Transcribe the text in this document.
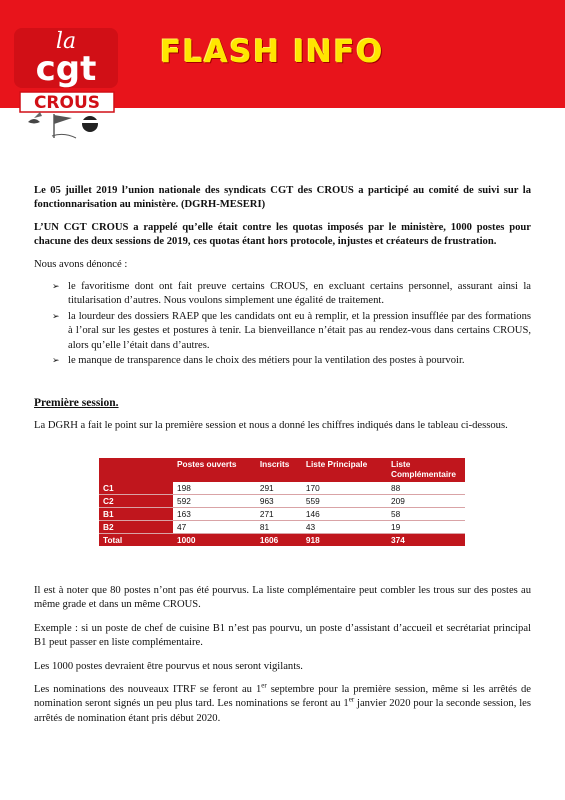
la
cgt
CROUS
FLASH INFO

Le 05 juillet 2019 l’union nationale des syndicats CGT des CROUS a participé au comité de suivi sur la fonctionnarisation au ministère. (DGRH-MESERI)

L’UN CGT CROUS a rappelé qu’elle était contre les quotas imposés par le ministère, 1000 postes pour chacune des deux sessions de 2019, ces quotas étant hors protocole, injustes et créateurs de frustration.

Nous avons dénoncé :

➢ le favoritisme dont ont fait preuve certains CROUS, en excluant certains personnel, assurant ainsi la titularisation d’autres. Nous voulons simplement une égalité de traitement.
➢ la lourdeur des dossiers RAEP que les candidats ont eu à remplir, et la pression insufflée par des formations à l’oral sur les gestes et postures à tenir. La bienveillance n’était pas au rendez-vous dans certains CROUS, alors qu’elle l’était dans d’autres.
➢ le manque de transparence dans le choix des métiers pour la ventilation des postes à pourvoir.
Première session.

La DGRH a fait le point sur la première session et nous a donné les chiffres indiqués dans le tableau ci-dessous.

	Postes ouverts	Inscrits	Liste Principale	Liste Complémentaire
C1	198	291	170	88
C2	592	963	559	209
B1	163	271	146	58
B2	47	81	43	19
Total	1000	1606	918	374

Il est à noter que 80 postes n’ont pas été pourvus. La liste complémentaire peut combler les trous sur des postes au même grade et dans un même CROUS.

Exemple : si un poste de chef de cuisine B1 n’est pas pourvu, un poste d’assistant d’accueil et secrétariat principal B1 peut passer en liste complémentaire.

Les 1000 postes devraient être pourvus et nous seront vigilants.

Les nominations des nouveaux ITRF se feront au 1er septembre pour la première session, même si les arrêtés de nomination seront signés un peu plus tard. Les nominations se feront au 1er janvier 2020 pour la seconde session, les arrêtés de nomination étant pris début 2020.
